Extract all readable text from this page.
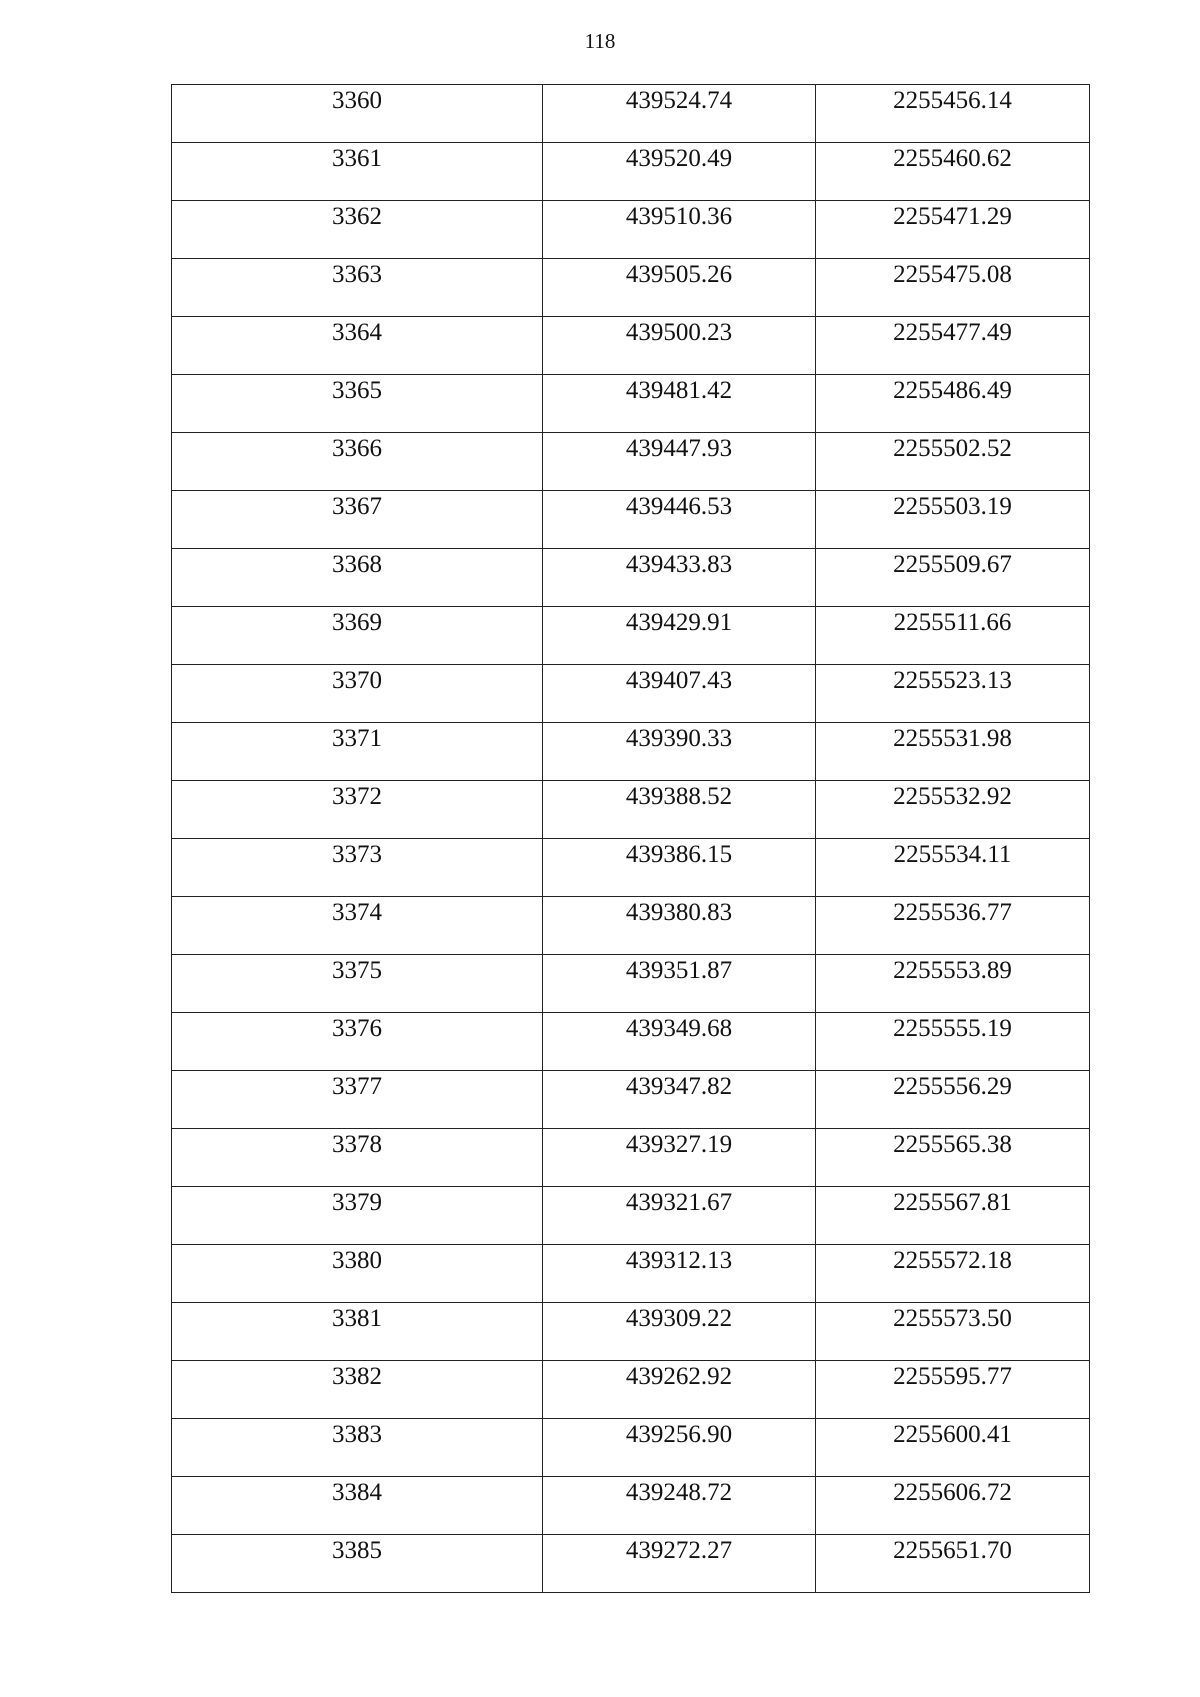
118
3360	439524.74	2255456.14
3361	439520.49	2255460.62
3362	439510.36	2255471.29
3363	439505.26	2255475.08
3364	439500.23	2255477.49
3365	439481.42	2255486.49
3366	439447.93	2255502.52
3367	439446.53	2255503.19
3368	439433.83	2255509.67
3369	439429.91	2255511.66
3370	439407.43	2255523.13
3371	439390.33	2255531.98
3372	439388.52	2255532.92
3373	439386.15	2255534.11
3374	439380.83	2255536.77
3375	439351.87	2255553.89
3376	439349.68	2255555.19
3377	439347.82	2255556.29
3378	439327.19	2255565.38
3379	439321.67	2255567.81
3380	439312.13	2255572.18
3381	439309.22	2255573.50
3382	439262.92	2255595.77
3383	439256.90	2255600.41
3384	439248.72	2255606.72
3385	439272.27	2255651.70
